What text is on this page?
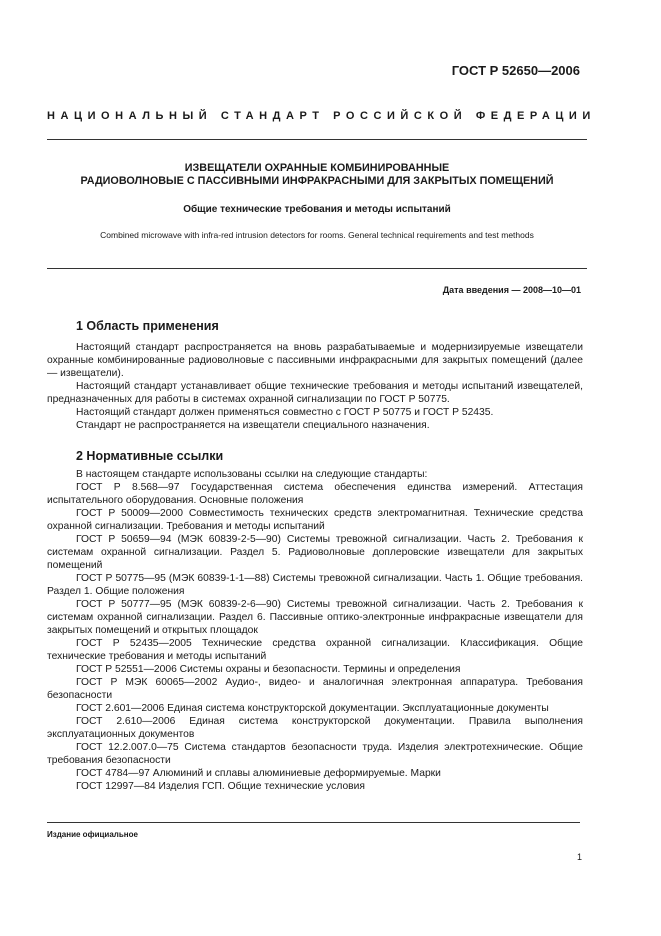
ГОСТ Р 52650—2006
НАЦИОНАЛЬНЫЙ СТАНДАРТ РОССИЙСКОЙ ФЕДЕРАЦИИ
ИЗВЕЩАТЕЛИ ОХРАННЫЕ КОМБИНИРОВАННЫЕ
РАДИОВОЛНОВЫЕ С ПАССИВНЫМИ ИНФРАКРАСНЫМИ ДЛЯ ЗАКРЫТЫХ ПОМЕЩЕНИЙ
Общие технические требования и методы испытаний
Combined microwave with infra-red intrusion detectors for rooms. General technical requirements and test methods
Дата введения — 2008—10—01
1 Область применения

Настоящий стандарт распространяется на вновь разрабатываемые и модернизируемые извещатели охранные комбинированные радиоволновые с пассивными инфракрасными для закрытых помещений (далее — извещатели).

Настоящий стандарт устанавливает общие технические требования и методы испытаний извещателей, предназначенных для работы в системах охранной сигнализации по ГОСТ Р 50775.

Настоящий стандарт должен применяться совместно с ГОСТ Р 50775 и ГОСТ Р 52435.

Стандарт не распространяется на извещатели специального назначения.

2 Нормативные ссылки

В настоящем стандарте использованы ссылки на следующие стандарты:

ГОСТ Р 8.568—97 Государственная система обеспечения единства измерений. Аттестация испытательного оборудования. Основные положения

ГОСТ Р 50009—2000 Совместимость технических средств электромагнитная. Технические средства охранной сигнализации. Требования и методы испытаний

ГОСТ Р 50659—94 (МЭК 60839-2-5—90) Системы тревожной сигнализации. Часть 2. Требования к системам охранной сигнализации. Раздел 5. Радиоволновые доплеровские извещатели для закрытых помещений

ГОСТ Р 50775—95 (МЭК 60839-1-1—88) Системы тревожной сигнализации. Часть 1. Общие требования. Раздел 1. Общие положения

ГОСТ Р 50777—95 (МЭК 60839-2-6—90) Системы тревожной сигнализации. Часть 2. Требования к системам охранной сигнализации. Раздел 6. Пассивные оптико-электронные инфракрасные извещатели для закрытых помещений и открытых площадок

ГОСТ Р 52435—2005 Технические средства охранной сигнализации. Классификация. Общие технические требования и методы испытаний

ГОСТ Р 52551—2006 Системы охраны и безопасности. Термины и определения

ГОСТ Р МЭК 60065—2002 Аудио-, видео- и аналогичная электронная аппаратура. Требования безопасности

ГОСТ 2.601—2006 Единая система конструкторской документации. Эксплуатационные документы

ГОСТ 2.610—2006 Единая система конструкторской документации. Правила выполнения эксплуатационных документов

ГОСТ 12.2.007.0—75 Система стандартов безопасности труда. Изделия электротехнические. Общие требования безопасности

ГОСТ 4784—97 Алюминий и сплавы алюминиевые деформируемые. Марки

ГОСТ 12997—84 Изделия ГСП. Общие технические условия

Издание официальное
1
